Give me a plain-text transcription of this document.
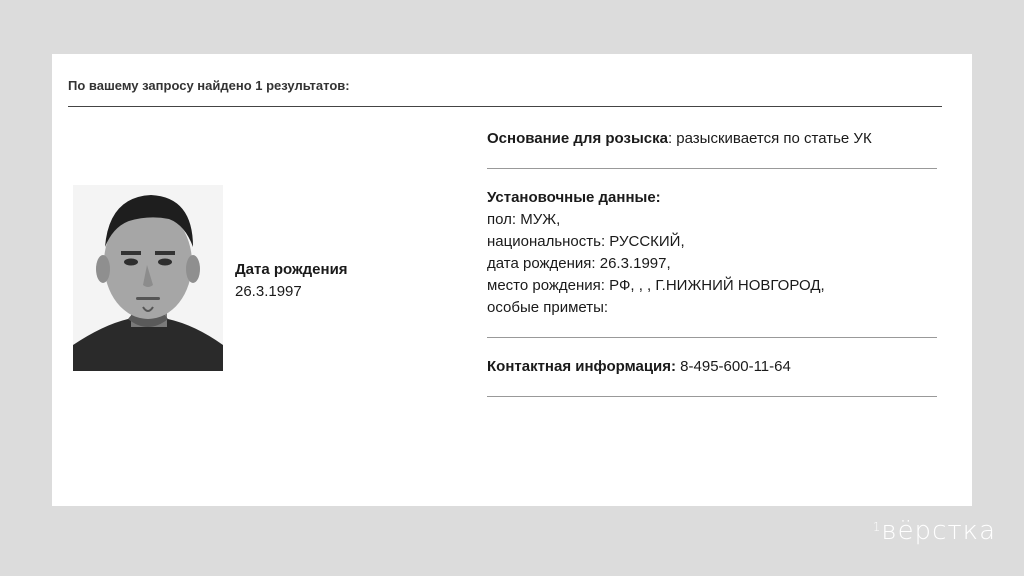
По вашему запросу найдено 1 результатов:
Дата рождения
26.3.1997
Основание для розыска: разыскивается по статье УК
Установочные данные:
пол: МУЖ,
национальность: РУССКИЙ,
дата рождения: 26.3.1997,
место рождения: РФ, , , Г.НИЖНИЙ НОВГОРОД,
особые приметы:
Контактная информация: 8-495-600-11-64
$^1$вёрстка
